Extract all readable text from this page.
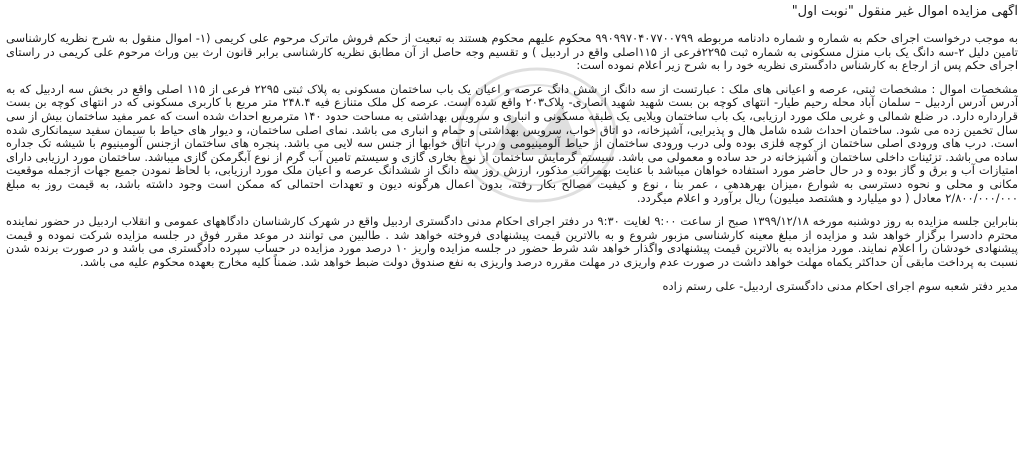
آگهی مزایده اموال غیر منقول "نوبت اول"

به موجب درخواست اجرای حکم به شماره و شماره دادنامه مربوطه ۹۹۰۹۹۷۰۴۰۷۷۰۰۷۹۹ محکوم علیهم محکوم هستند به تبعیت از حکم فروش ماترک مرحوم علی کریمی (۱- اموال منقول به شرح نظریه کارشناسی تامین دلیل ۲-سه دانگ یک باب منزل مسکونی به شماره ثبت ۲۲۹۵فرعی از ۱۱۵اصلی واقع در اردبیل ) و تقسیم وجه حاصل از آن مطابق نظریه کارشناسی برابر قانون ارث بین وراث مرحوم علی کریمی در راستای اجرای حکم پس از ارجاع به کارشناس دادگستری نظریه خود را به شرح زیر اعلام نموده است:

مشخصات اموال : مشخصات ثبتی، عرصه و اعیانی های ملک : عبارتست از سه دانگ از شش دانگ عرصه و اعیان یک باب ساختمان مسکونی به پلاک ثبتی ۲۲۹۵ فرعی از ۱۱۵ اصلی واقع در بخش سه اردبیل که به آدرس آدرس اردبیل – سلمان آباد محله رحیم طیار- انتهای کوچه بن بست شهید شهید انصاری- پلاک۲۰۳ واقع شده است. عرصه کل ملک متنازع فیه ۲۴۸.۴ متر مربع با کاربری مسکونی که در انتهای کوچه بن بست قرارداره دارد. در ضلع شمالی و غربی ملک مورد ارزیابی، یک باب ساختمان ویلایی یک طبقه مسکونی و انباری و سرویس بهداشتی به مساحت حدود ۱۴۰ مترمربع احداث شده است که عمر مفید ساختمان بیش از سی سال تخمین زده می شود. ساختمان احداث شده شامل هال و پذیرایی، آشپزخانه، دو اتاق خواب، سرویس بهداشتی و حمام و انباری می باشد. نمای اصلی ساختمان، و دیوار های حیاط با سیمان سفید سیمانکاری شده است. درب های ورودی اصلی ساختمان از کوچه فلزی بوده ولی درب ورودی ساختمان از حیاط آلومینیومی و درب اتاق خوابها از جنس سه لایی می باشد. پنجره های ساختمان ازجنس آلومینیوم با شیشه تک جداره ساده می باشد. تزئینات داخلی ساختمان و آشپزخانه در حد ساده و معمولی می باشد. سیستم گرمایش ساختمان از نوع بخاری گازی و سیستم تامین آب گرم از نوع آبگرمکن گازی میباشد. ساختمان مورد ارزیابی دارای امتیازات آب و برق و گاز بوده و در حال حاضر مورد استفاده خواهان میباشد با عنایت بهمراتب مذکور، ارزش روز سه دانگ از ششدانگ عرصه و اعیان ملک مورد ارزیابی، با لحاظ نمودن جمیع جهات ازجمله موقعیت مکانی و محلی و نحوه دسترسی به شوارع ،میزان بهرهدهی ، عمر بنا ، نوع و کیفیت مصالح بکار رفته، بدون اعمال هرگونه دیون و تعهدات احتمالی که ممکن است وجود داشته باشد، به قیمت روز به مبلغ ۲/۸۰۰/۰۰۰/۰۰۰ معادل ( دو میلیارد و هشتصد میلیون) ریال برآورد و اعلام میگردد.

بنابراین جلسه مزایده به روز دوشنبه مورخه ۱۳۹۹/۱۲/۱۸ صبح از ساعت ۹:۰۰ لغایت ۹:۳۰ در دفتر اجرای احکام مدنی دادگستری اردبیل واقع در شهرک کارشناسان دادگاههای عمومی و انقلاب اردبیل در حضور نماینده محترم دادسرا برگزار خواهد شد و مزایده از مبلغ معینه کارشناسی مزبور شروع و به بالاترین قیمت پیشنهادی فروخته خواهد شد . طالبین می توانند در موعد مقرر فوق در جلسه مزایده شرکت نموده و قیمت پیشنهادی خودشان را اعلام نمایند. مورد مزایده به بالاترین قیمت پیشنهادی واگذار خواهد شد شرط حضور در جلسه مزایده واریز ۱۰ درصد مورد مزایده در حساب سپرده دادگستری می باشد و در صورت برنده شدن نسبت به پرداخت مابقی آن حداکثر یکماه مهلت خواهد داشت در صورت عدم واریزی در مهلت مقرره درصد واریزی به نفع صندوق دولت ضبط خواهد شد. ضمناً کلیه مخارج بعهده محکوم علیه می باشد.

مدیر دفتر شعبه سوم اجرای احکام مدنی دادگستری اردبیل- علی رستم زاده
